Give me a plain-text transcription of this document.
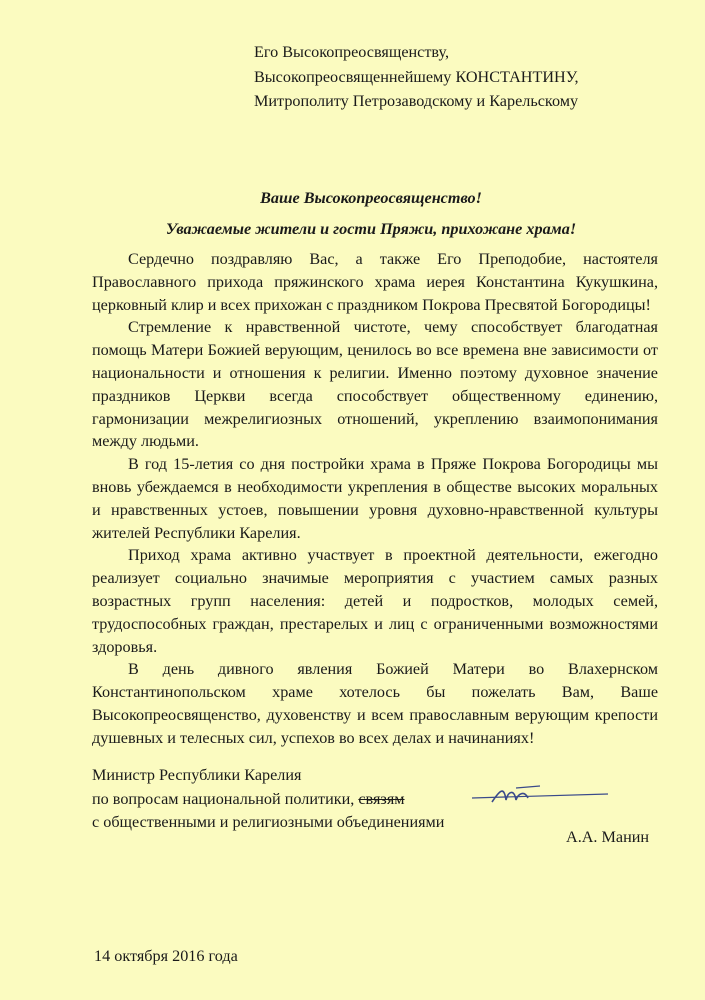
Его Высокопреосвященству,
Высокопреосвященнейшему КОНСТАНТИНУ,
Митрополиту Петрозаводскому и Карельскому
Ваше Высокопреосвященство!
Уважаемые жители и гости Пряжи, прихожане храма!

Сердечно поздравляю Вас, а также Его Преподобие, настоятеля Православного прихода пряжинского храма иерея Константина Кукушкина, церковный клир и всех прихожан с праздником Покрова Пресвятой Богородицы!

Стремление к нравственной чистоте, чему способствует благодатная помощь Матери Божией верующим, ценилось во все времена вне зависимости от национальности и отношения к религии. Именно поэтому духовное значение праздников Церкви всегда способствует общественному единению, гармонизации межрелигиозных отношений, укреплению взаимопонимания между людьми.

В год 15-летия со дня постройки храма в Пряже Покрова Богородицы мы вновь убеждаемся в необходимости укрепления в обществе высоких моральных и нравственных устоев, повышении уровня духовно-нравственной культуры жителей Республики Карелия.

Приход храма активно участвует в проектной деятельности, ежегодно реализует социально значимые мероприятия с участием самых разных возрастных групп населения: детей и подростков, молодых семей, трудоспособных граждан, престарелых и лиц с ограниченными возможностями здоровья.

В день дивного явления Божией Матери во Влахернском Константинопольском храме хотелось бы пожелать Вам, Ваше Высокопреосвященство, духовенству и всем православным верующим крепости душевных и телесных сил, успехов во всех делах и начинаниях!

Министр Республики Карелия
по вопросам национальной политики, связям
с общественными и религиозными объединениями
А.А. Манин
14 октября 2016 года
